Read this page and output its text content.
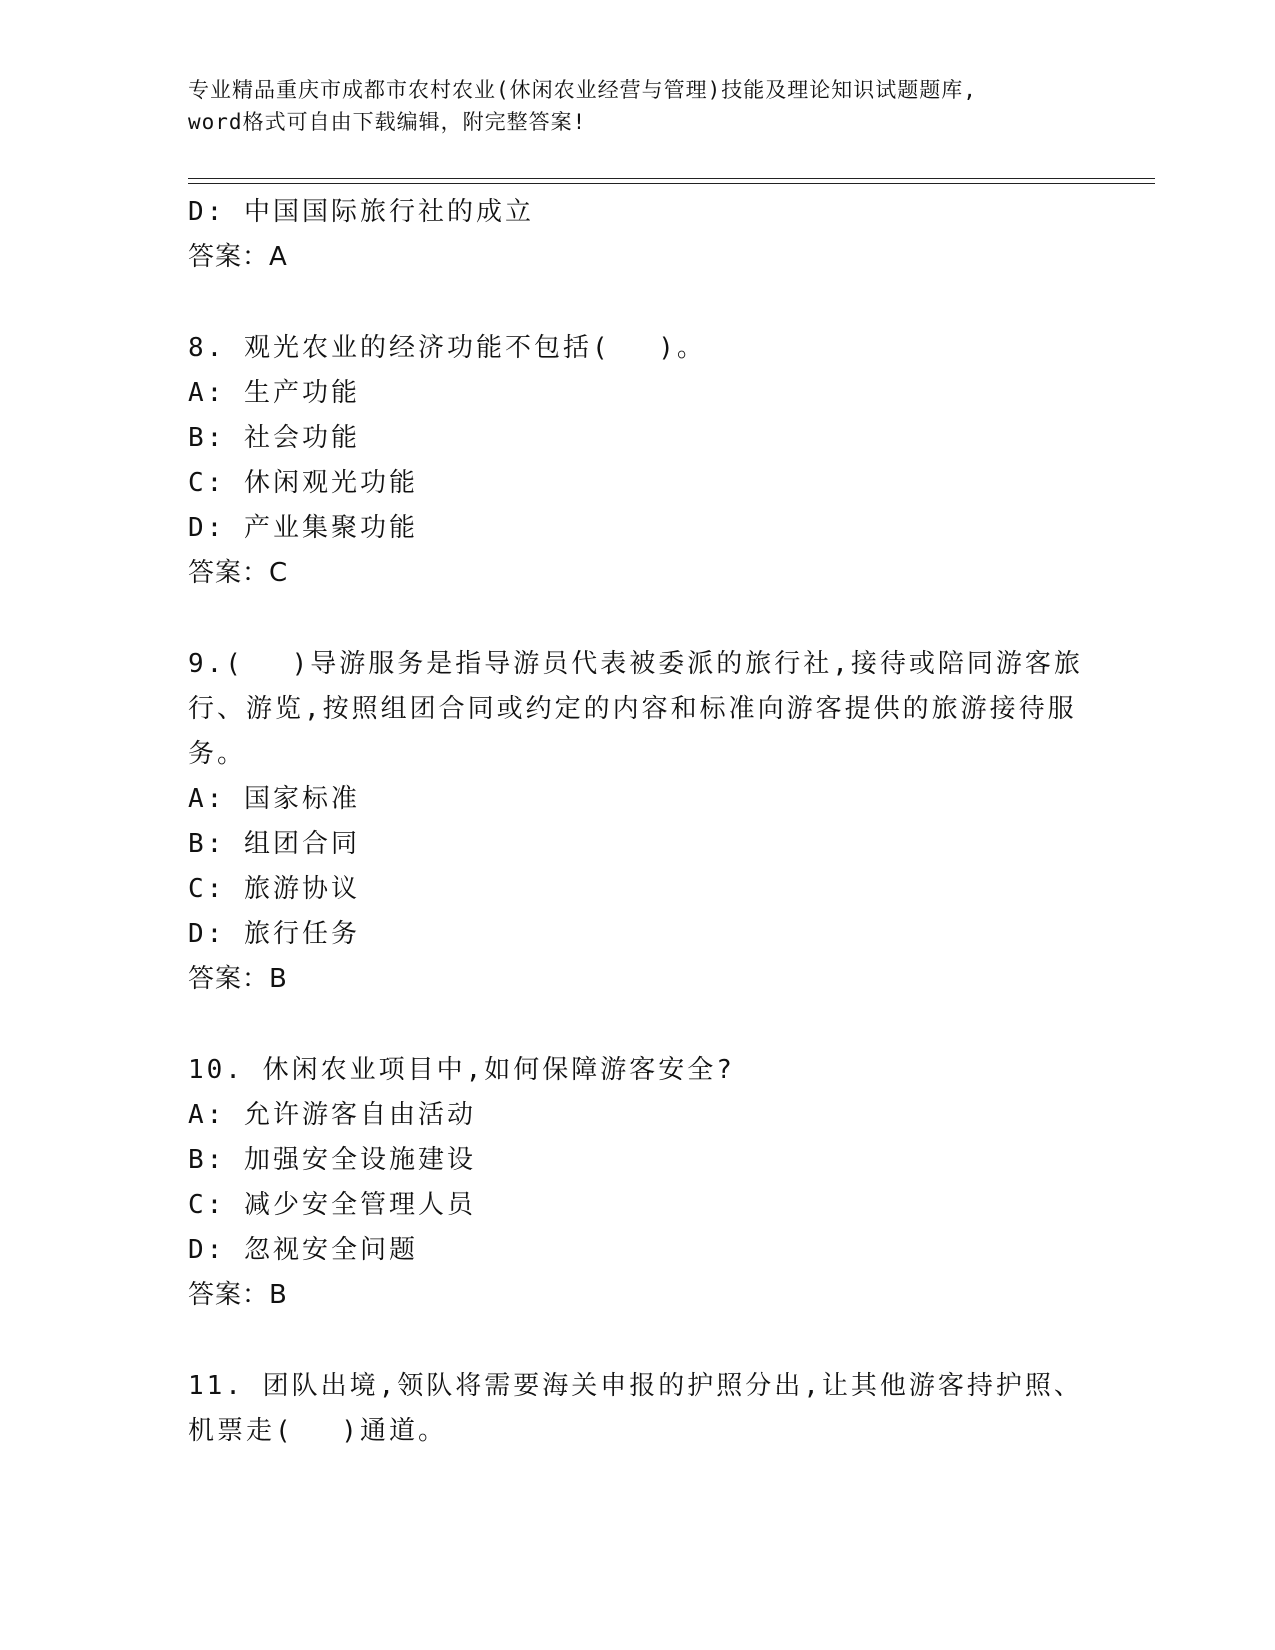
专业精品重庆市成都市农村农业(休闲农业经营与管理)技能及理论知识试题题库,
word格式可自由下载编辑，附完整答案!
D: 中国国际旅行社的成立
答案：A
8. 观光农业的经济功能不包括(　 )。
A: 生产功能
B: 社会功能
C: 休闲观光功能
D: 产业集聚功能
答案：C
9.(　 )导游服务是指导游员代表被委派的旅行社,接待或陪同游客旅
行、游览,按照组团合同或约定的内容和标准向游客提供的旅游接待服
务。
A: 国家标准
B: 组团合同
C: 旅游协议
D: 旅行任务
答案：B
10. 休闲农业项目中,如何保障游客安全?
A: 允许游客自由活动
B: 加强安全设施建设
C: 减少安全管理人员
D: 忽视安全问题
答案：B
11. 团队出境,领队将需要海关申报的护照分出,让其他游客持护照、
机票走(　 )通道。
